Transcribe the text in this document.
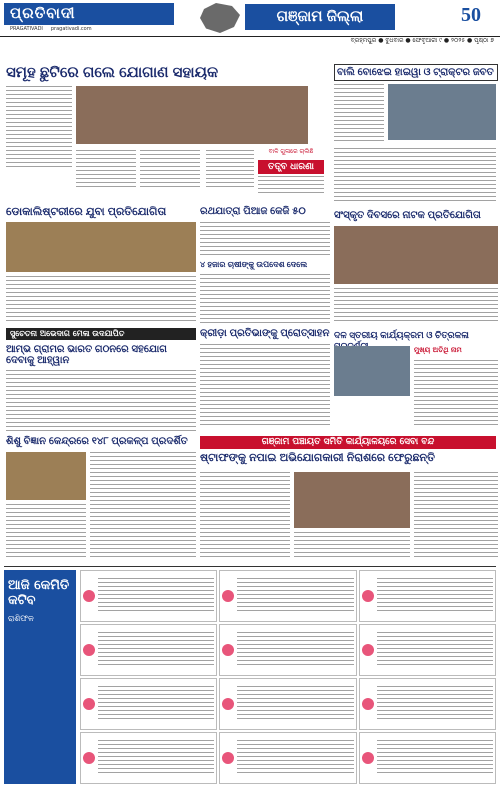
ପ୍ରତିବାଦୀ
PRAGATIVADI pragativadi.com
ଗଞ୍ଜାମ ଜିଲ୍ଲା	50
ବ୍ରହ୍ମପୁର ● ବୁଧବାର ● ଫେବୃଆରୀ ୯ ● ୨୦୨୫ ● ପୃଷ୍ଠା ୭
ସମୂହ ଛୁଟିରେ ଗଲେ ଯୋଗାଣ ସହାୟକ
ବାଳି ଗୁଳାରେ ଚାଲିଛି
ତତ୍ତ୍ବ ଧାରଣା
ବାଲି ବୋଝେଇ ହାଇୱା ଓ ଟ୍ରାକ୍ଟର ଜବତ
ଡୋକାଲିଷ୍ଟରୀରେ ଯୁବା ପ୍ରତିଯୋଗିତା	ରଥଯାତ୍ରା ପିଆଜ କେଜି ୫୦
୪ ହଜାର ଚାଷୀଙ୍କୁ ଉପଦେଶ ଦେଲେ
ସଂସ୍କୃତ ଦିବସରେ ନାଟକ ପ୍ରତିଯୋଗିତା
ସୁଚେତନା ଅଭେଦାଗ ମେଳା ଉଦଯାପିତ	କ୍ରୀଡ଼ା ପ୍ରତିଭାଙ୍କୁ ପ୍ରୋତ୍ସାହନ
ଆମ୍ଭ ଗ୍ରାମର ଭାରତ ଗଠନରେ ସହଯୋଗ ଦେବାକୁ ଆହ୍ୱାନ
ଦଳ ସ୍ତରୀୟ କାର୍ଯ୍ୟକ୍ରମ ଓ ଚିତ୍ରକଳା
ମୁଖ୍ୟ ଅତିଥି ନାମ
ଶିଶୁ ବିଜ୍ଞାନ କେନ୍ଦ୍ରରେ ୧୪୮ ପ୍ରକଳ୍ପ ପ୍ରଦର୍ଶିତ	ଗଞ୍ଜାମ ପଞ୍ଚାୟତ ସମିତି କାର୍ଯ୍ୟାଳୟରେ ସେବା ବନ୍ଦ
ଷ୍ଟାଫଙ୍କୁ ନପାଇ ଅଭିଯୋଗକାରୀ ନିରାଶରେ ଫେରୁଛନ୍ତି
ଆଜି କେମିତି କଟିବ
ରାଶିଫଳ
